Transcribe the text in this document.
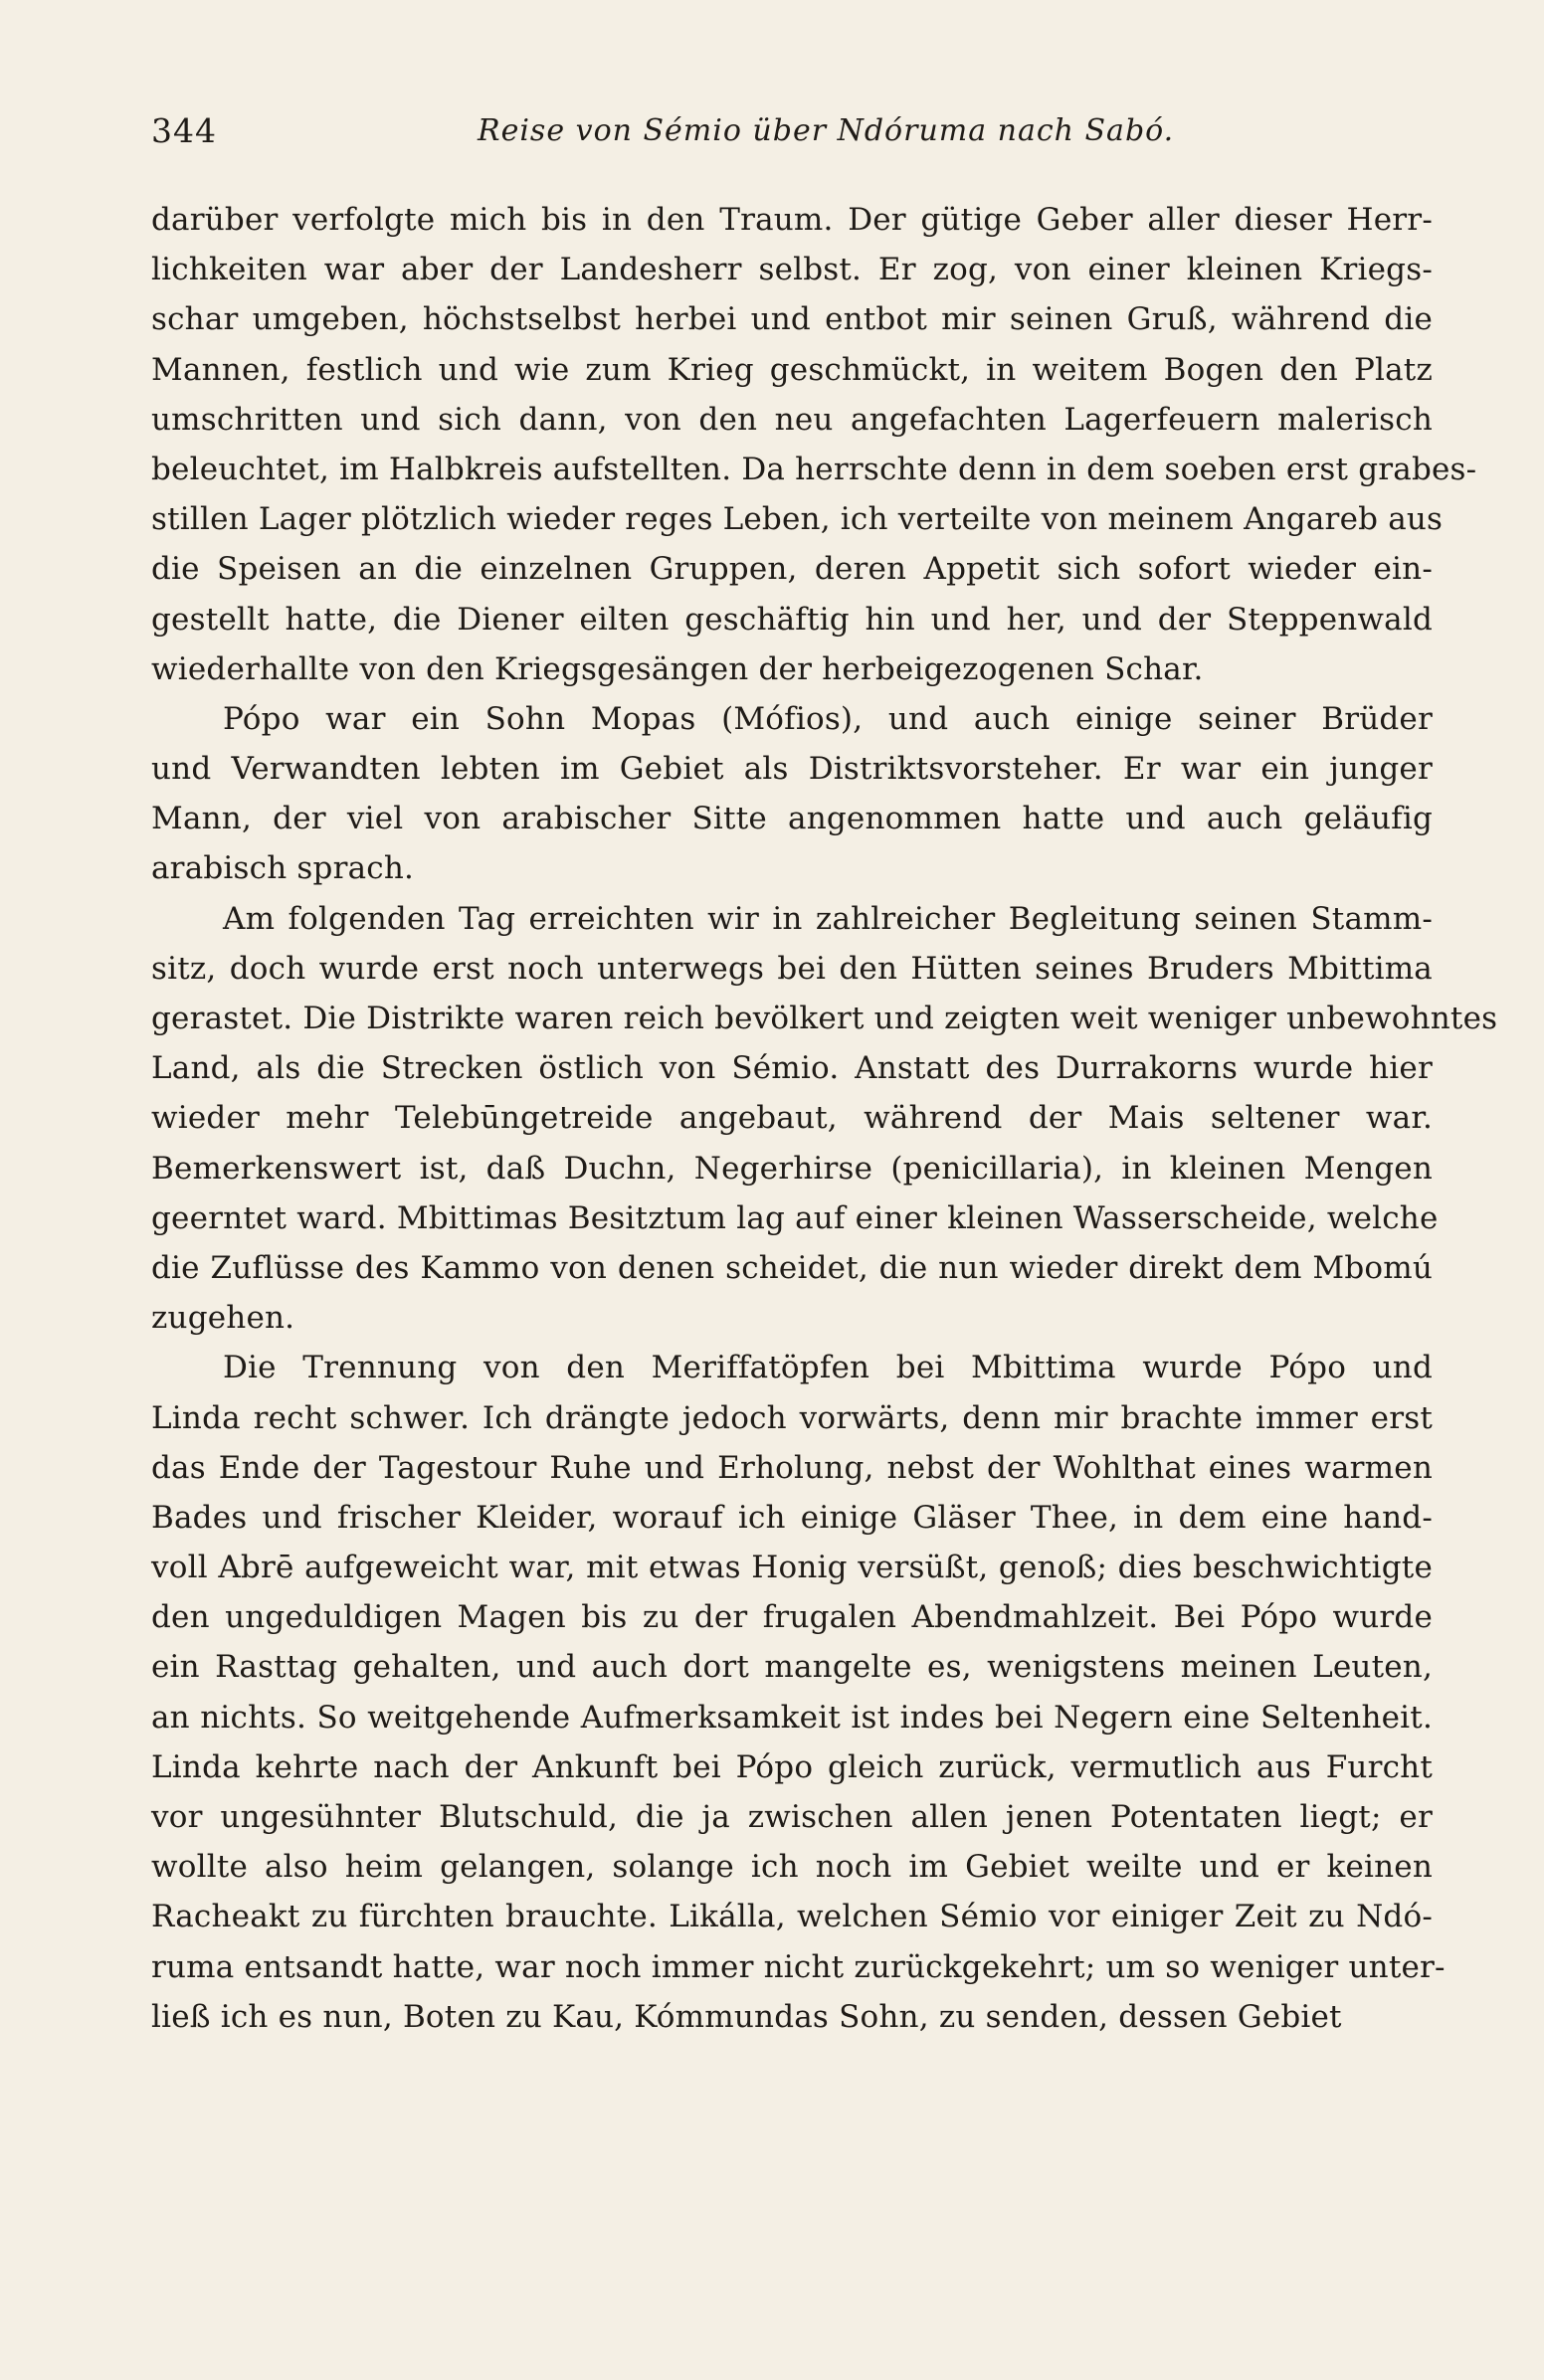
344	Reise von Sémio über Ndóruma nach Sabó.
darüber verfolgte mich bis in den Traum. Der gütige Geber aller dieser Herr-
lichkeiten war aber der Landesherr selbst. Er zog, von einer kleinen Kriegs-
schar umgeben, höchstselbst herbei und entbot mir seinen Gruß, während die
Mannen, festlich und wie zum Krieg geschmückt, in weitem Bogen den Platz
umschritten und sich dann, von den neu angefachten Lagerfeuern malerisch
beleuchtet, im Halbkreis aufstellten. Da herrschte denn in dem soeben erst grabes-
stillen Lager plötzlich wieder reges Leben, ich verteilte von meinem Angareb aus
die Speisen an die einzelnen Gruppen, deren Appetit sich sofort wieder ein-
gestellt hatte, die Diener eilten geschäftig hin und her, und der Steppenwald
wiederhallte von den Kriegsgesängen der herbeigezogenen Schar.
Pópo war ein Sohn Mopas (Mófios), und auch einige seiner Brüder
und Verwandten lebten im Gebiet als Distriktsvorsteher. Er war ein junger
Mann, der viel von arabischer Sitte angenommen hatte und auch geläufig
arabisch sprach.
Am folgenden Tag erreichten wir in zahlreicher Begleitung seinen Stamm-
sitz, doch wurde erst noch unterwegs bei den Hütten seines Bruders Mbittima
gerastet. Die Distrikte waren reich bevölkert und zeigten weit weniger unbewohntes
Land, als die Strecken östlich von Sémio. Anstatt des Durrakorns wurde hier
wieder mehr Telebūngetreide angebaut, während der Mais seltener war.
Bemerkenswert ist, daß Duchn, Negerhirse (penicillaria), in kleinen Mengen
geerntet ward. Mbittimas Besitztum lag auf einer kleinen Wasserscheide, welche
die Zuflüsse des Kammo von denen scheidet, die nun wieder direkt dem Mbomú
zugehen.
Die Trennung von den Meriffatöpfen bei Mbittima wurde Pópo und
Linda recht schwer. Ich drängte jedoch vorwärts, denn mir brachte immer erst
das Ende der Tagestour Ruhe und Erholung, nebst der Wohlthat eines warmen
Bades und frischer Kleider, worauf ich einige Gläser Thee, in dem eine hand-
voll Abrē aufgeweicht war, mit etwas Honig versüßt, genoß; dies beschwichtigte
den ungeduldigen Magen bis zu der frugalen Abendmahlzeit. Bei Pópo wurde
ein Rasttag gehalten, und auch dort mangelte es, wenigstens meinen Leuten,
an nichts. So weitgehende Aufmerksamkeit ist indes bei Negern eine Seltenheit.
Linda kehrte nach der Ankunft bei Pópo gleich zurück, vermutlich aus Furcht
vor ungesühnter Blutschuld, die ja zwischen allen jenen Potentaten liegt; er
wollte also heim gelangen, solange ich noch im Gebiet weilte und er keinen
Racheakt zu fürchten brauchte. Likálla, welchen Sémio vor einiger Zeit zu Ndó-
ruma entsandt hatte, war noch immer nicht zurückgekehrt; um so weniger unter-
ließ ich es nun, Boten zu Kau, Kómmundas Sohn, zu senden, dessen Gebiet
